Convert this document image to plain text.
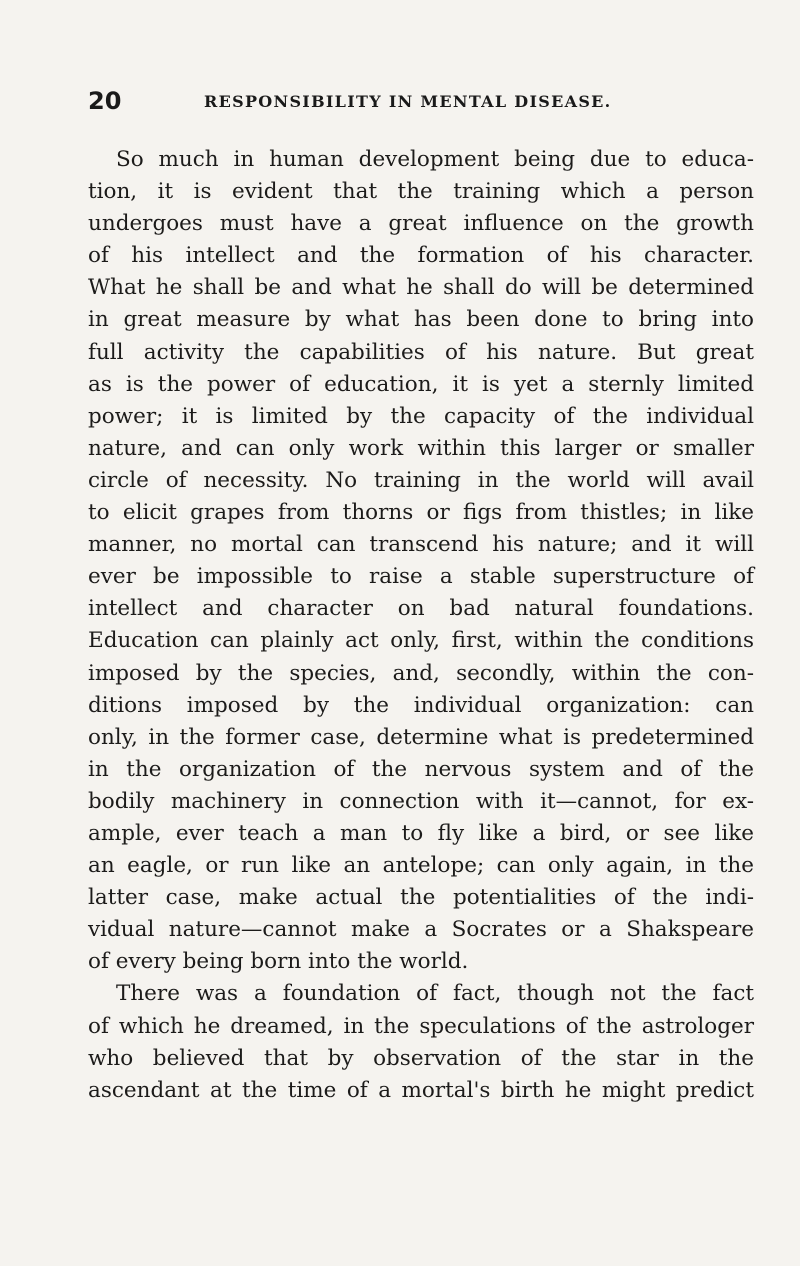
20	RESPONSIBILITY IN MENTAL DISEASE.
So much in human development being due to educa-
tion, it is evident that the training which a person
undergoes must have a great influence on the growth
of his intellect and the formation of his character.
What he shall be and what he shall do will be determined
in great measure by what has been done to bring into
full activity the capabilities of his nature. But great
as is the power of education, it is yet a sternly limited
power; it is limited by the capacity of the individual
nature, and can only work within this larger or smaller
circle of necessity. No training in the world will avail
to elicit grapes from thorns or figs from thistles; in like
manner, no mortal can transcend his nature; and it will
ever be impossible to raise a stable superstructure of
intellect and character on bad natural foundations.
Education can plainly act only, first, within the conditions
imposed by the species, and, secondly, within the con-
ditions imposed by the individual organization: can
only, in the former case, determine what is predetermined
in the organization of the nervous system and of the
bodily machinery in connection with it—cannot, for ex-
ample, ever teach a man to fly like a bird, or see like
an eagle, or run like an antelope; can only again, in the
latter case, make actual the potentialities of the indi-
vidual nature—cannot make a Socrates or a Shakspeare
of every being born into the world.
There was a foundation of fact, though not the fact
of which he dreamed, in the speculations of the astrologer
who believed that by observation of the star in the
ascendant at the time of a mortal's birth he might predict
